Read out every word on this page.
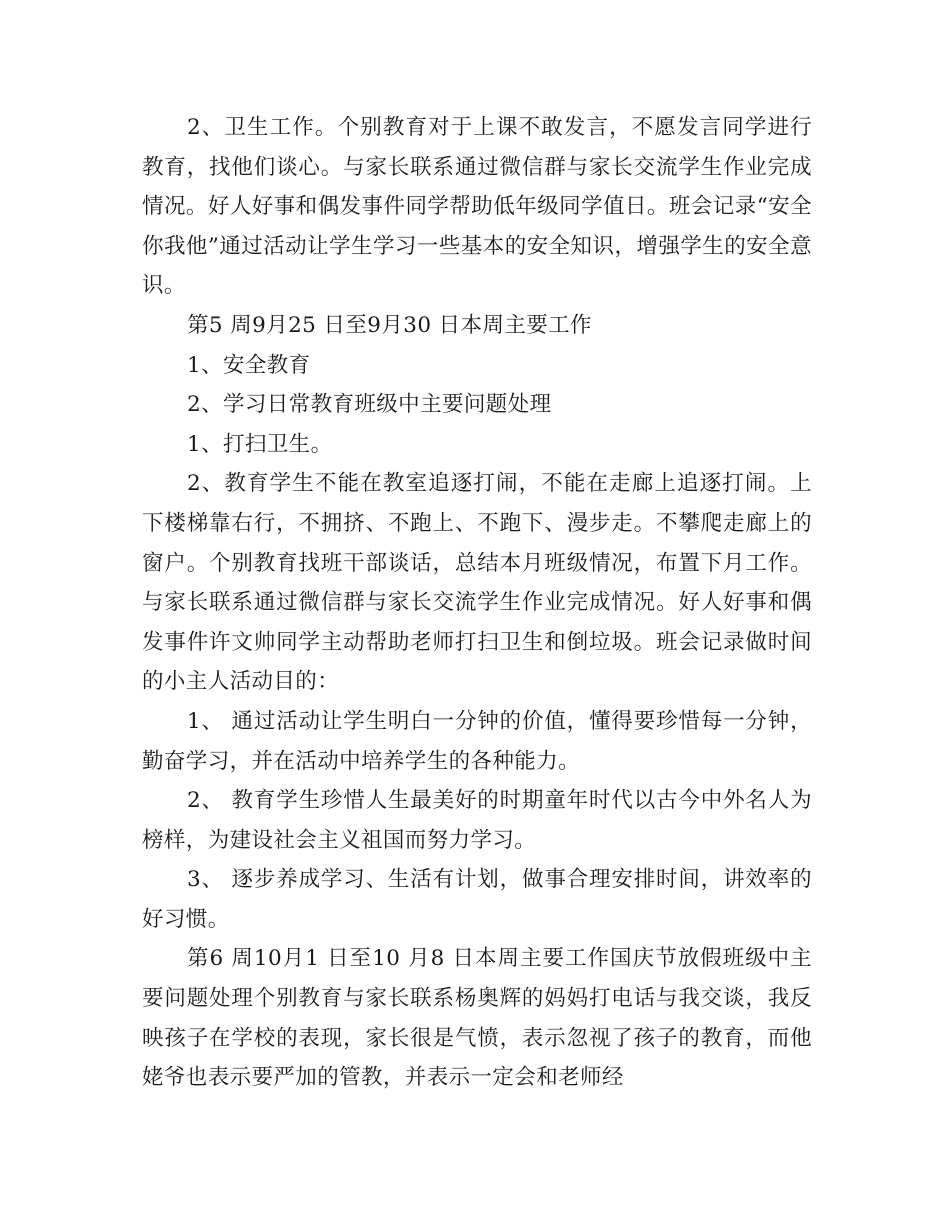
2、卫生工作。个别教育对于上课不敢发言，不愿发言同学进行教育，找他们谈心。与家长联系通过微信群与家长交流学生作业完成情况。好人好事和偶发事件同学帮助低年级同学值日。班会记录“安全你我他”通过活动让学生学习一些基本的安全知识，增强学生的安全意识。

第5 周9月25 日至9月30 日本周主要工作

1、安全教育

2、学习日常教育班级中主要问题处理

1、打扫卫生。

2、教育学生不能在教室追逐打闹，不能在走廊上追逐打闹。上下楼梯靠右行，不拥挤、不跑上、不跑下、漫步走。不攀爬走廊上的窗户。个别教育找班干部谈话，总结本月班级情况，布置下月工作。与家长联系通过微信群与家长交流学生作业完成情况。好人好事和偶发事件许文帅同学主动帮助老师打扫卫生和倒垃圾。班会记录做时间的小主人活动目的：

1、 通过活动让学生明白一分钟的价值，懂得要珍惜每一分钟，勤奋学习，并在活动中培养学生的各种能力。

2、 教育学生珍惜人生最美好的时期童年时代以古今中外名人为榜样，为建设社会主义祖国而努力学习。

3、 逐步养成学习、生活有计划，做事合理安排时间，讲效率的好习惯。

第6 周10月1 日至10 月8 日本周主要工作国庆节放假班级中主要问题处理个别教育与家长联系杨奥辉的妈妈打电话与我交谈，我反映孩子在学校的表现，家长很是气愤，表示忽视了孩子的教育，而他姥爷也表示要严加的管教，并表示一定会和老师经
